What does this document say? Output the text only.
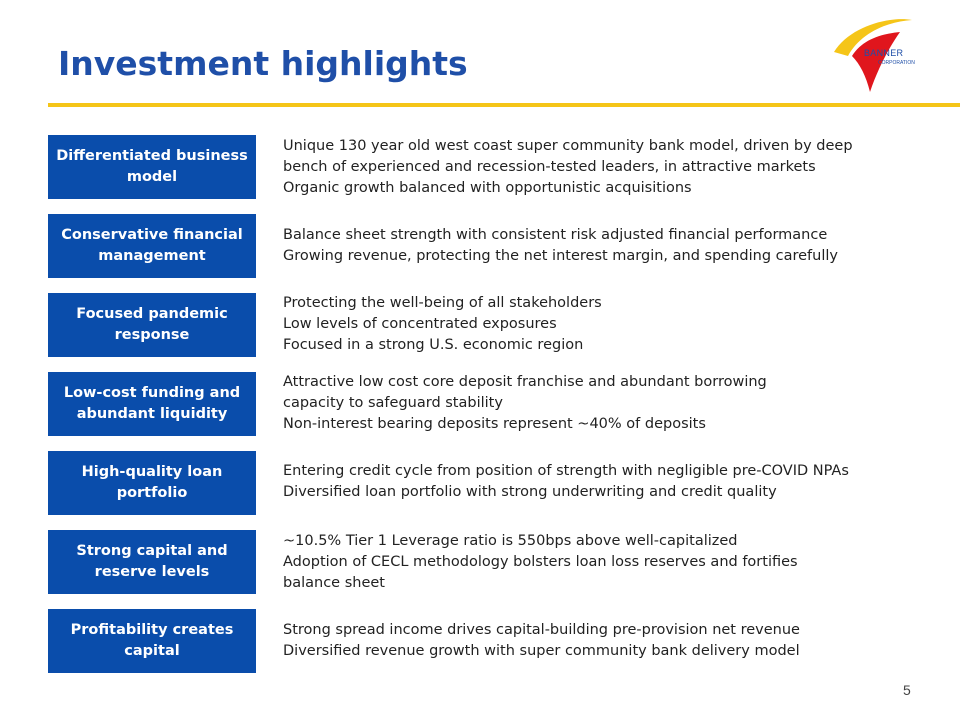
Investment highlights	BANNER
CORPORATION
Differentiated business model
Unique 130 year old west coast super community bank model, driven by deep
bench of experienced and recession-tested leaders, in attractive markets
Organic growth balanced with opportunistic acquisitions
Conservative financial management
Balance sheet strength with consistent risk adjusted financial performance
Growing revenue, protecting the net interest margin, and spending carefully
Focused pandemic response
Protecting the well-being of all stakeholders
Low levels of concentrated exposures
Focused in a strong U.S. economic region
Low-cost funding and abundant liquidity
Attractive low cost core deposit franchise and abundant borrowing
capacity to safeguard stability
Non-interest bearing deposits represent ~40% of deposits
High-quality loan portfolio
Entering credit cycle from position of strength with negligible pre-COVID NPAs
Diversified loan portfolio with strong underwriting and credit quality
Strong capital and reserve levels
~10.5% Tier 1 Leverage ratio is 550bps above well-capitalized
Adoption of CECL methodology bolsters loan loss reserves and fortifies
balance sheet
Profitability creates capital
Strong spread income drives capital-building pre-provision net revenue
Diversified revenue growth with super community bank delivery model
5
